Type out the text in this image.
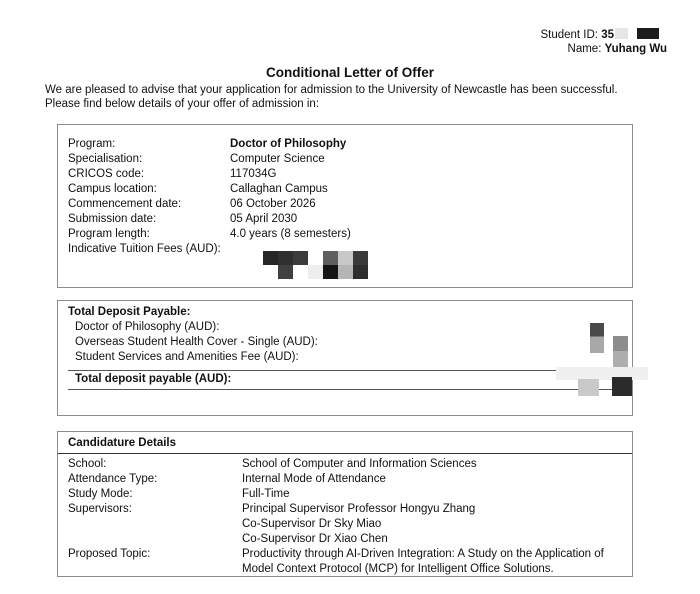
Student ID: 35
Name: Yuhang Wu
Conditional Letter of Offer
We are pleased to advise that your application for admission to the University of Newcastle has been successful. Please find below details of your offer of admission in:
Program:	Doctor of Philosophy
Specialisation:	Computer Science
CRICOS code:	117034G
Campus location:	Callaghan Campus
Commencement date:	06 October 2026
Submission date:	05 April 2030
Program length:	4.0 years (8 semesters)
Indicative Tuition Fees (AUD):
Total Deposit Payable:
Doctor of Philosophy (AUD):
Overseas Student Health Cover - Single (AUD):
Student Services and Amenities Fee (AUD):
Total deposit payable (AUD):
Candidature Details
School:	School of Computer and Information Sciences
Attendance Type:	Internal Mode of Attendance
Study Mode:	Full-Time
Supervisors:	Principal Supervisor Professor Hongyu Zhang
Co-Supervisor Dr Sky Miao
Co-Supervisor Dr Xiao Chen
Proposed Topic:	Productivity through AI-Driven Integration: A Study on the Application of Model Context Protocol (MCP) for Intelligent Office Solutions.
